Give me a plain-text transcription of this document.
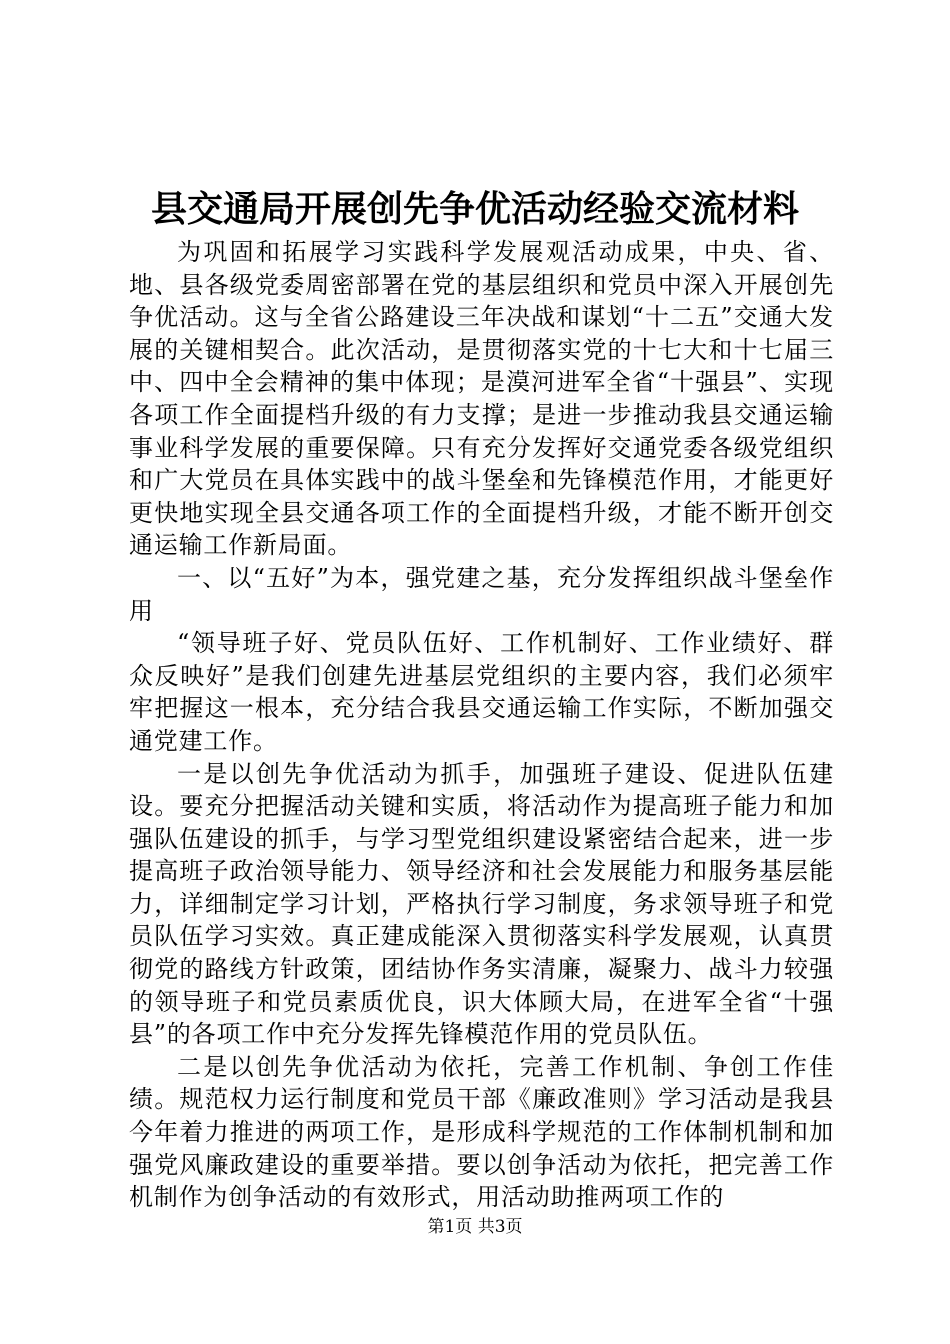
县交通局开展创先争优活动经验交流材料

为巩固和拓展学习实践科学发展观活动成果，中央、省、地、县各级党委周密部署在党的基层组织和党员中深入开展创先争优活动。这与全省公路建设三年决战和谋划“十二五”交通大发展的关键相契合。此次活动，是贯彻落实党的十七大和十七届三中、四中全会精神的集中体现；是漠河进军全省“十强县”、实现各项工作全面提档升级的有力支撑；是进一步推动我县交通运输事业科学发展的重要保障。只有充分发挥好交通党委各级党组织和广大党员在具体实践中的战斗堡垒和先锋模范作用，才能更好更快地实现全县交通各项工作的全面提档升级，才能不断开创交通运输工作新局面。

一、以“五好”为本，强党建之基，充分发挥组织战斗堡垒作用

“领导班子好、党员队伍好、工作机制好、工作业绩好、群众反映好”是我们创建先进基层党组织的主要内容，我们必须牢牢把握这一根本，充分结合我县交通运输工作实际，不断加强交通党建工作。

一是以创先争优活动为抓手，加强班子建设、促进队伍建设。要充分把握活动关键和实质，将活动作为提高班子能力和加强队伍建设的抓手，与学习型党组织建设紧密结合起来，进一步提高班子政治领导能力、领导经济和社会发展能力和服务基层能力，详细制定学习计划，严格执行学习制度，务求领导班子和党员队伍学习实效。真正建成能深入贯彻落实科学发展观，认真贯彻党的路线方针政策，团结协作务实清廉，凝聚力、战斗力较强的领导班子和党员素质优良，识大体顾大局，在进军全省“十强县”的各项工作中充分发挥先锋模范作用的党员队伍。

二是以创先争优活动为依托，完善工作机制、争创工作佳绩。规范权力运行制度和党员干部《廉政准则》学习活动是我县今年着力推进的两项工作，是形成科学规范的工作体制机制和加强党风廉政建设的重要举措。要以创争活动为依托，把完善工作机制作为创争活动的有效形式，用活动助推两项工作的

第1页 共3页
